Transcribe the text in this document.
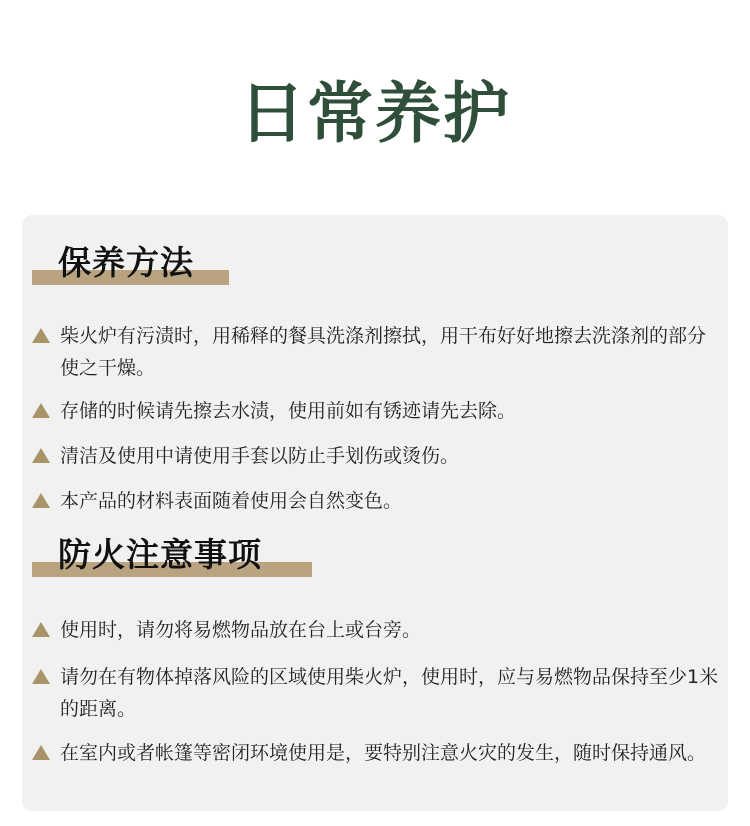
日常养护
保养方法
柴火炉有污渍时，用稀释的餐具洗涤剂擦拭，用干布好好地擦去洗涤剂的部分使之干燥。
存储的时候请先擦去水渍，使用前如有锈迹请先去除。
清洁及使用中请使用手套以防止手划伤或烫伤。
本产品的材料表面随着使用会自然变色。
防火注意事项
使用时，请勿将易燃物品放在台上或台旁。
请勿在有物体掉落风险的区域使用柴火炉，使用时，应与易燃物品保持至少1米的距离。
在室内或者帐篷等密闭环境使用是，要特别注意火灾的发生，随时保持通风。
